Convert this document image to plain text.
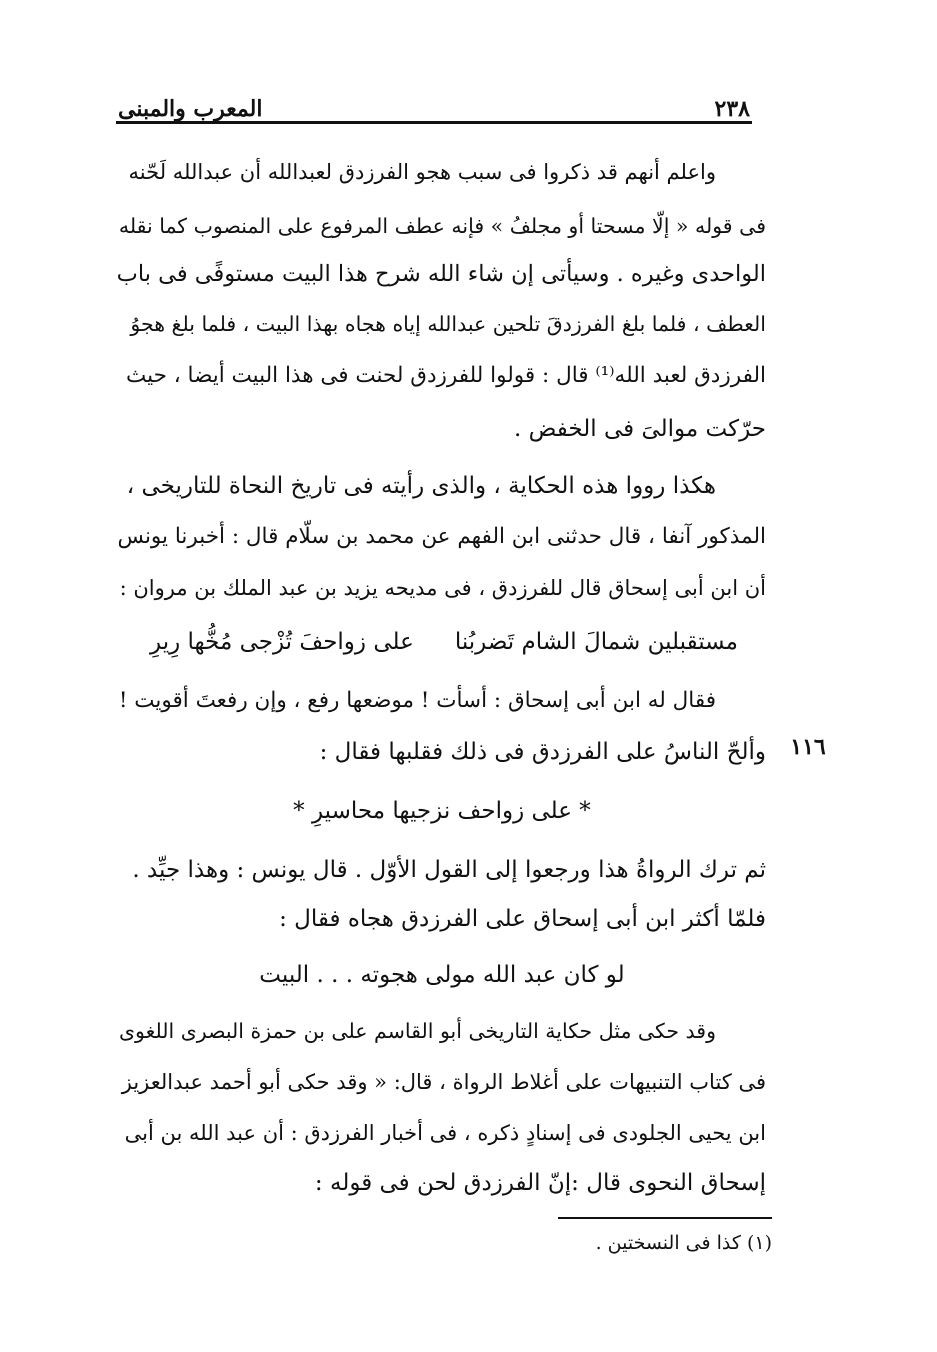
٢٣٨
المعرب والمبنى
١١٦
واعلم أنهم قد ذكروا فى سبب هجو الفرزدق لعبدالله أن عبدالله لَحّنه
فى قوله « إلّا مسحتا أو مجلفُ » فإنه عطف المرفوع على المنصوب كما نقله
الواحدى وغيره . وسيأتى إن شاء الله شرح هذا البيت مستوفًى فى باب
العطف ، فلما بلغ الفرزدقَ تلحين عبدالله إياه هجاه بهذا البيت ، فلما بلغ هجوُ
الفرزدق لعبد الله⁽¹⁾ قال : قولوا للفرزدق لحنت فى هذا البيت أيضا ، حيث
حرّكت موالىَ فى الخفض .
هكذا رووا هذه الحكاية ، والذى رأيته فى تاريخ النحاة للتاريخى ،
المذكور آنفا ، قال حدثنى ابن الفهم عن محمد بن سلّام قال : أخبرنا يونس
أن ابن أبى إسحاق قال للفرزدق ، فى مديحه يزيد بن عبد الملك بن مروان :
مستقبلين شمالَ الشام تَضربُنا
على زواحفَ تُزْجى مُخُّها رِيرِ
فقال له ابن أبى إسحاق : أسأت ! موضعها رفع ، وإن رفعتَ أقويت !
وألحّ الناسُ على الفرزدق فى ذلك فقلبها فقال :
* على زواحف نزجيها محاسيرِ *
ثم ترك الرواةُ هذا ورجعوا إلى القول الأوّل . قال يونس : وهذا جيِّد .
فلمّا أكثر ابن أبى إسحاق على الفرزدق هجاه فقال :
لو كان عبد الله مولى هجوته . . . البيت
وقد حكى مثل حكاية التاريخى أبو القاسم على بن حمزة البصرى اللغوى
فى كتاب التنبيهات على أغلاط الرواة ، قال: « وقد حكى أبو أحمد عبدالعزيز
ابن يحيى الجلودى فى إسنادٍ ذكره ، فى أخبار الفرزدق : أن عبد الله بن أبى
إسحاق النحوى قال :إنّ الفرزدق لحن فى قوله :
(١) كذا فى النسختين .
